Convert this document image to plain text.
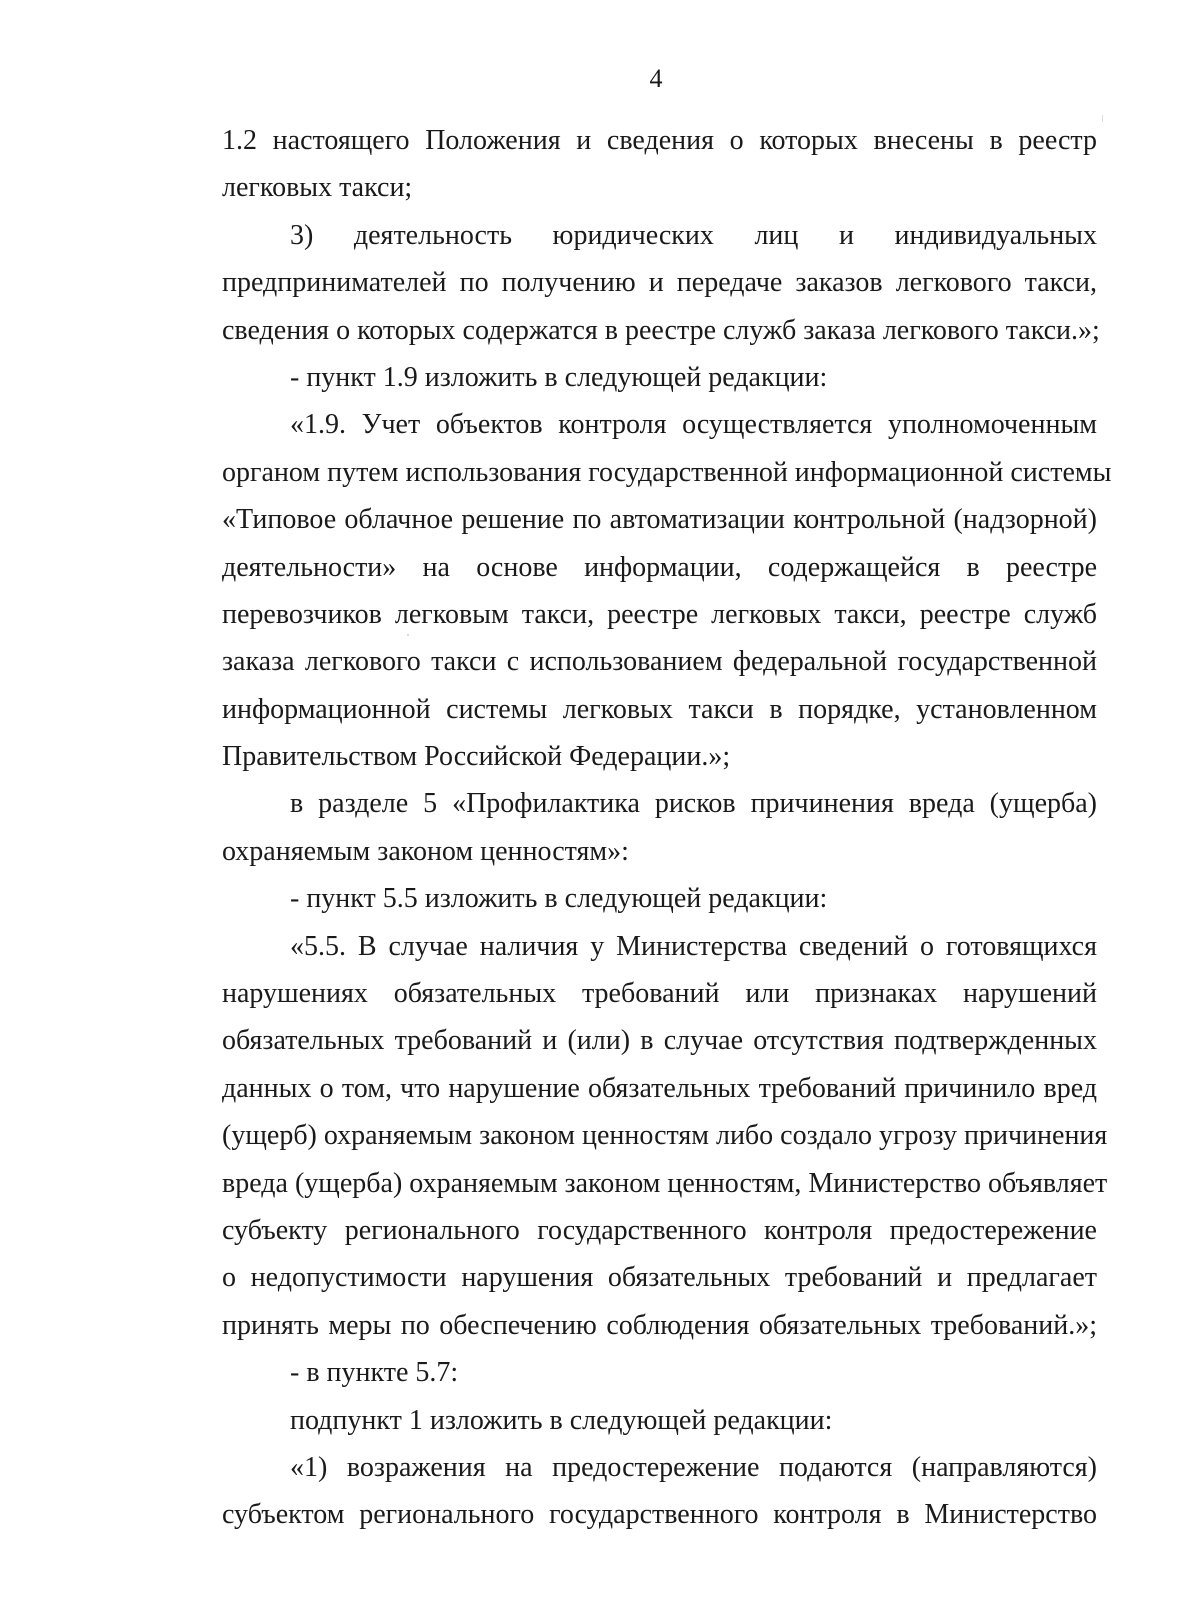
4
1.2 настоящего Положения и сведения о которых внесены в реестр
легковых такси;
3) деятельность юридических лиц и индивидуальных
предпринимателей по получению и передаче заказов легкового такси,
сведения о которых содержатся в реестре служб заказа легкового такси.»;
- пункт 1.9 изложить в следующей редакции:
«1.9. Учет объектов контроля осуществляется уполномоченным
органом путем использования государственной информационной системы
«Типовое облачное решение по автоматизации контрольной (надзорной)
деятельности» на основе информации, содержащейся в реестре
перевозчиков легковым такси, реестре легковых такси, реестре служб
заказа легкового такси с использованием федеральной государственной
информационной системы легковых такси в порядке, установленном
Правительством Российской Федерации.»;
в разделе 5 «Профилактика рисков причинения вреда (ущерба)
охраняемым законом ценностям»:
- пункт 5.5 изложить в следующей редакции:
«5.5. В случае наличия у Министерства сведений о готовящихся
нарушениях обязательных требований или признаках нарушений
обязательных требований и (или) в случае отсутствия подтвержденных
данных о том, что нарушение обязательных требований причинило вред
(ущерб) охраняемым законом ценностям либо создало угрозу причинения
вреда (ущерба) охраняемым законом ценностям, Министерство объявляет
субъекту регионального государственного контроля предостережение
о недопустимости нарушения обязательных требований и предлагает
принять меры по обеспечению соблюдения обязательных требований.»;
- в пункте 5.7:
подпункт 1 изложить в следующей редакции:
«1) возражения на предостережение подаются (направляются)
субъектом регионального государственного контроля в Министерство
